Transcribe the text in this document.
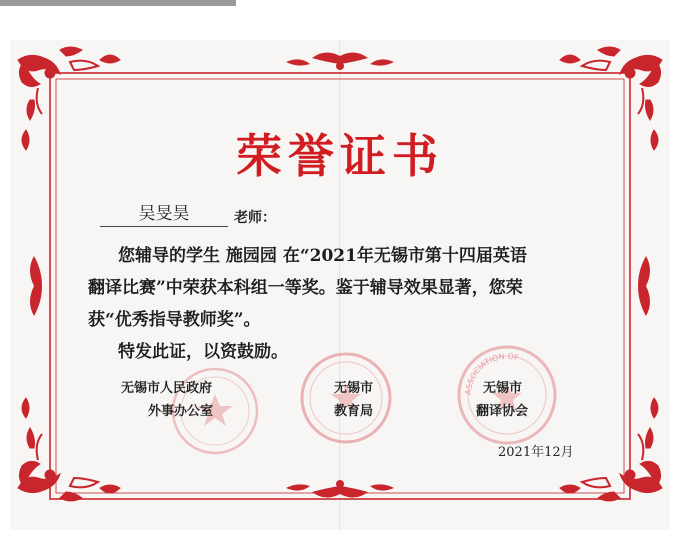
ASSOCIATION OF
荣誉证书
吴旻昊	老师：
您辅导的学生 施园园 在“2021年无锡市第十四届英语
翻译比赛”中荣获本科组一等奖。鉴于辅导效果显著，您荣
获“优秀指导教师奖”。
特发此证，以资鼓励。
无锡市人民政府
外事办公室
无锡市
教育局
无锡市
翻译协会
2021年12月
